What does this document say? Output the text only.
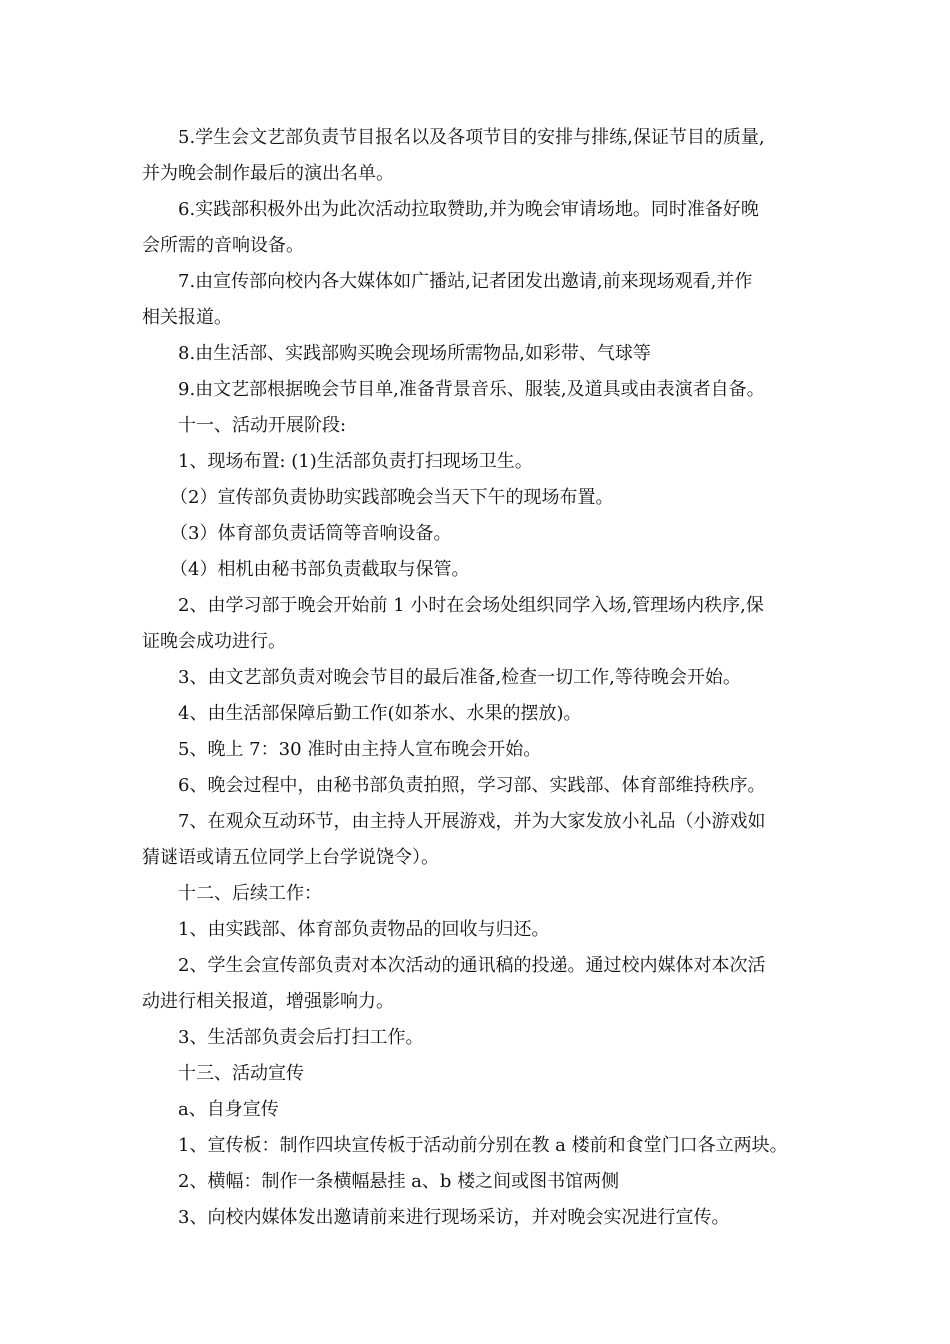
5.学生会文艺部负责节目报名以及各项节目的安排与排练,保证节目的质量,
并为晚会制作最后的演出名单。
6.实践部积极外出为此次活动拉取赞助,并为晚会审请场地。同时准备好晚
会所需的音响设备。
7.由宣传部向校内各大媒体如广播站,记者团发出邀请,前来现场观看,并作
相关报道。
8.由生活部、实践部购买晚会现场所需物品,如彩带、气球等
9.由文艺部根据晚会节目单,准备背景音乐、服装,及道具或由表演者自备。
十一、活动开展阶段:
1、现场布置: (1)生活部负责打扫现场卫生。
（2）宣传部负责协助实践部晚会当天下午的现场布置。
（3）体育部负责话筒等音响设备。
（4）相机由秘书部负责截取与保管。
2、由学习部于晚会开始前 1 小时在会场处组织同学入场,管理场内秩序,保
证晚会成功进行。
3、由文艺部负责对晚会节目的最后准备,检查一切工作,等待晚会开始。
4、由生活部保障后勤工作(如茶水、水果的摆放)。
5、晚上 7：30 准时由主持人宣布晚会开始。
6、晚会过程中，由秘书部负责拍照，学习部、实践部、体育部维持秩序。
7、在观众互动环节，由主持人开展游戏，并为大家发放小礼品（小游戏如
猜谜语或请五位同学上台学说饶令）。
十二、后续工作：
1、由实践部、体育部负责物品的回收与归还。
2、学生会宣传部负责对本次活动的通讯稿的投递。通过校内媒体对本次活
动进行相关报道，增强影响力。
3、生活部负责会后打扫工作。
十三、活动宣传
a、自身宣传
1、宣传板：制作四块宣传板于活动前分别在教 a 楼前和食堂门口各立两块。
2、横幅：制作一条横幅悬挂 a、b 楼之间或图书馆两侧
3、向校内媒体发出邀请前来进行现场采访，并对晚会实况进行宣传。
